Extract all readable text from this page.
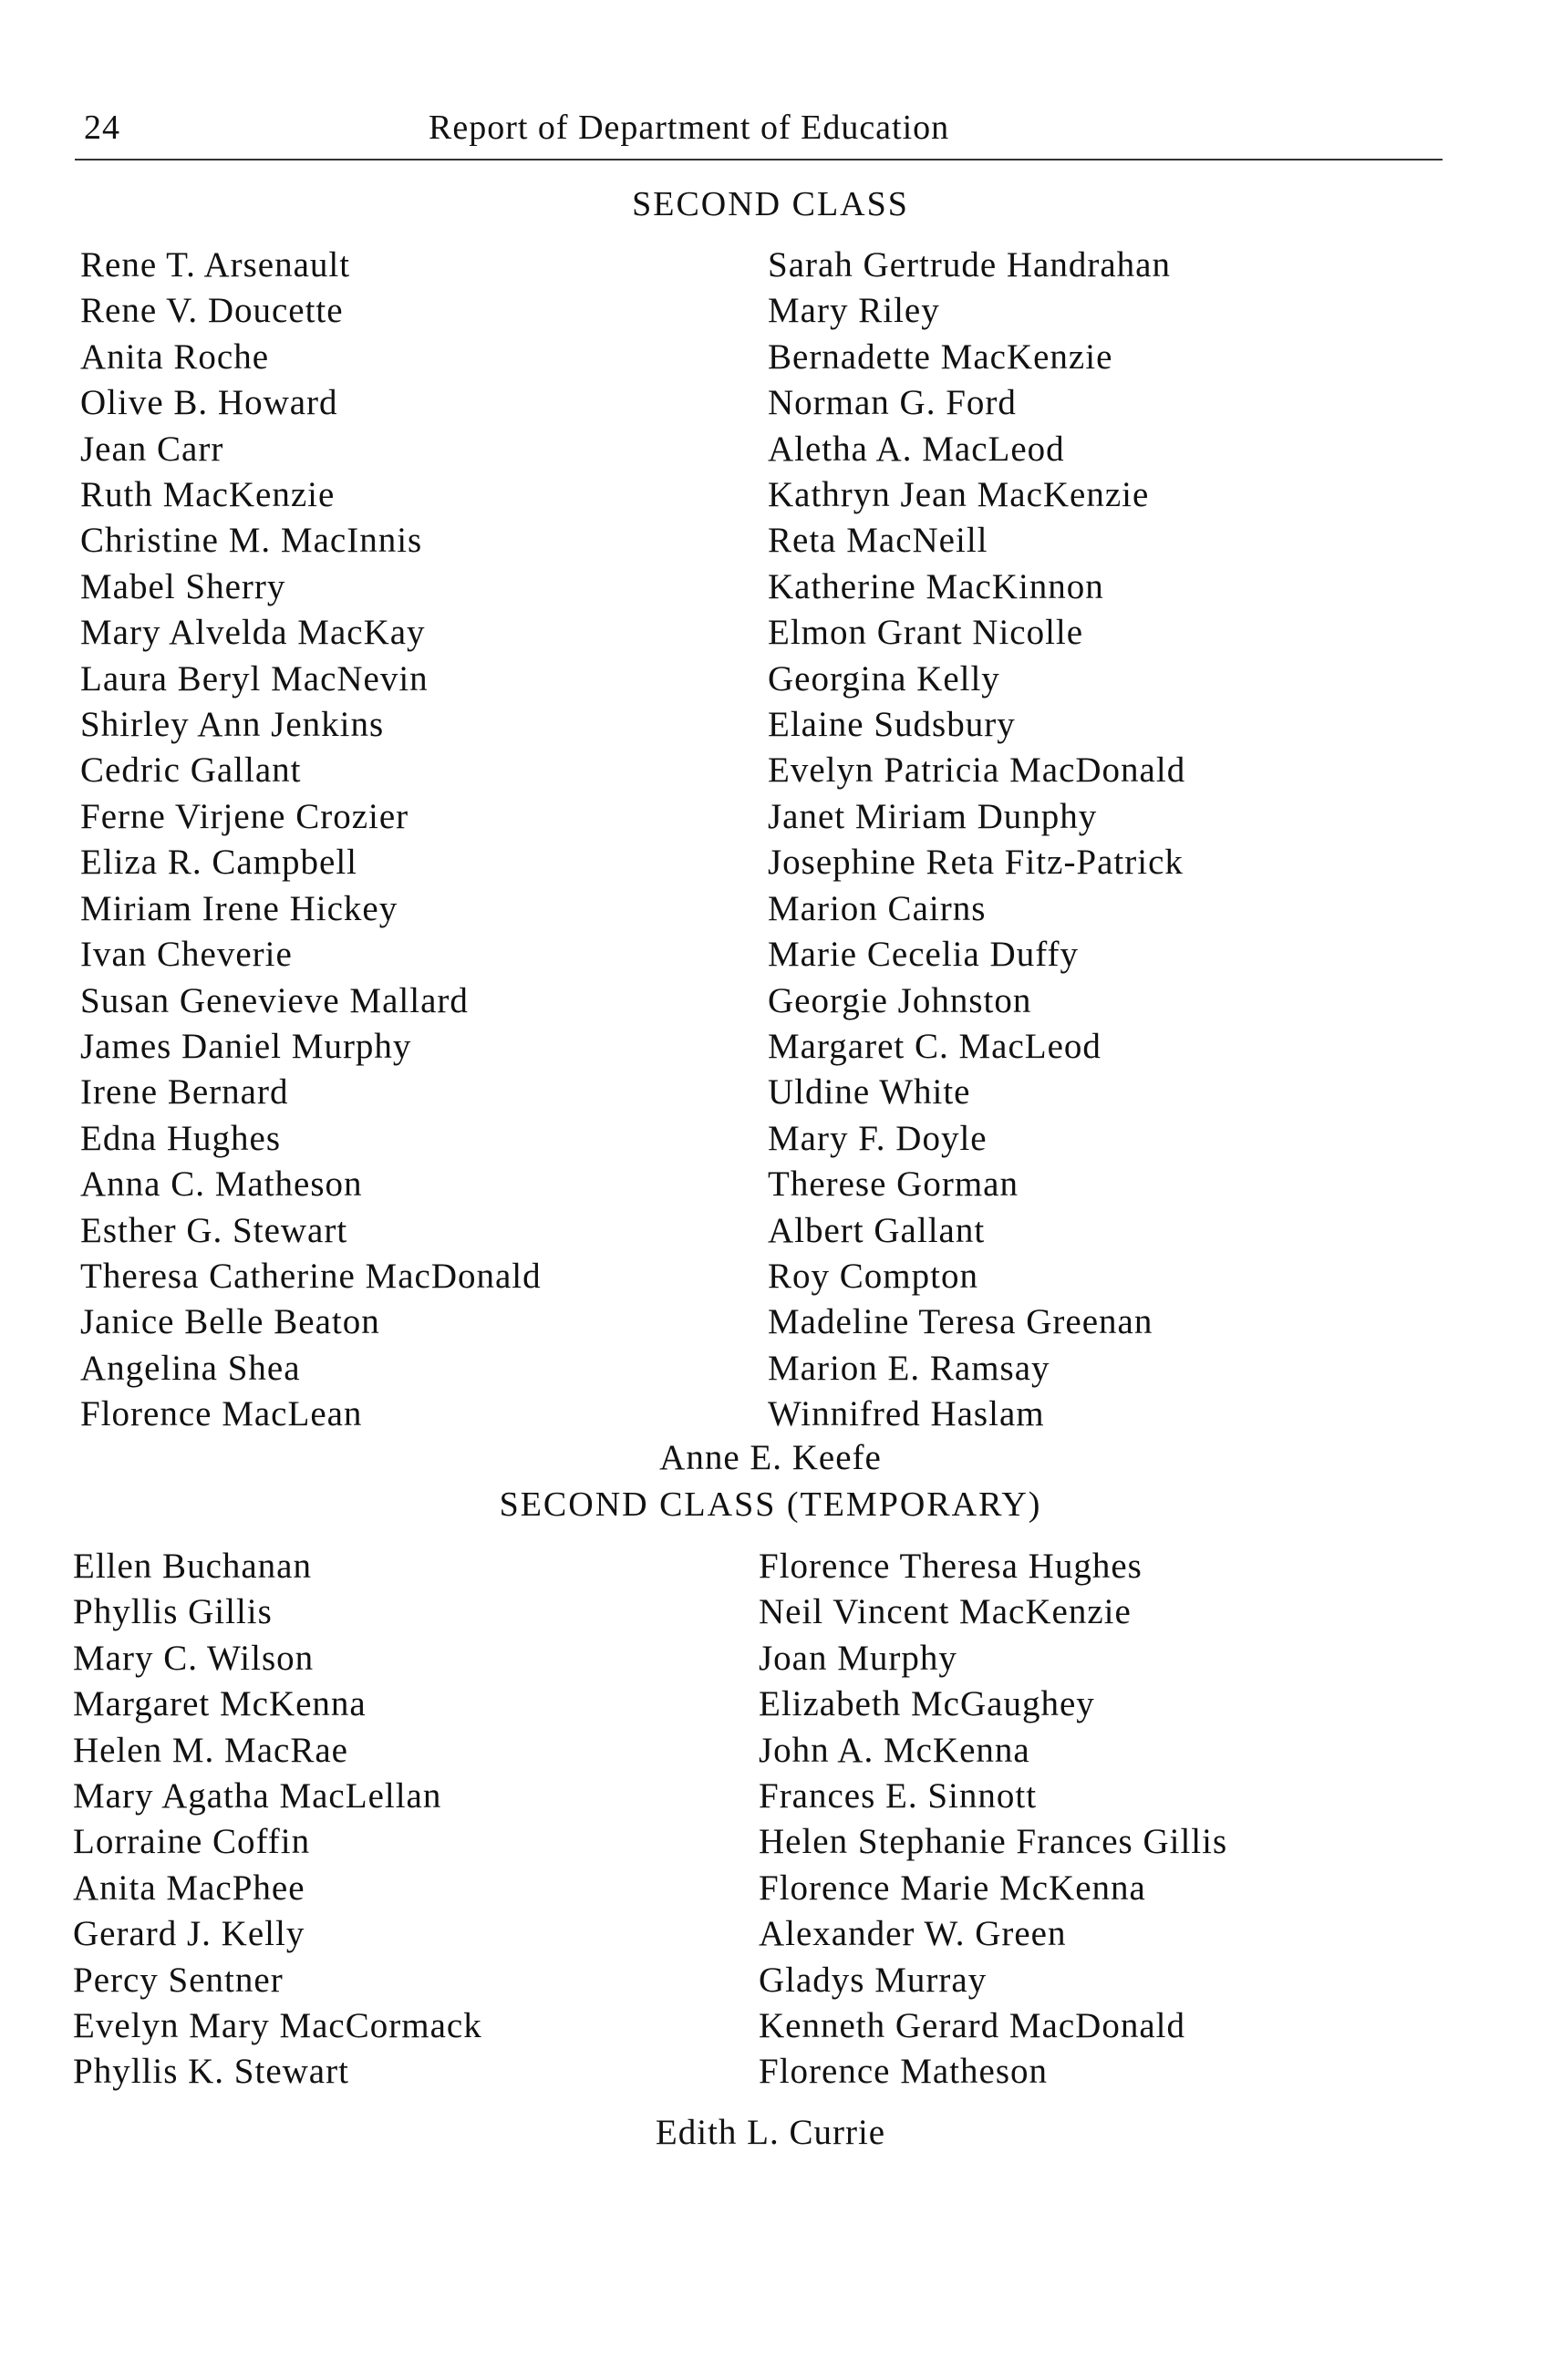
24	Report of Department of Education
SECOND CLASS
Rene T. Arsenault
Rene V. Doucette
Anita Roche
Olive B. Howard
Jean Carr
Ruth MacKenzie
Christine M. MacInnis
Mabel Sherry
Mary Alvelda MacKay
Laura Beryl MacNevin
Shirley Ann Jenkins
Cedric Gallant
Ferne Virjene Crozier
Eliza R. Campbell
Miriam Irene Hickey
Ivan Cheverie
Susan Genevieve Mallard
James Daniel Murphy
Irene Bernard
Edna Hughes
Anna C. Matheson
Esther G. Stewart
Theresa Catherine MacDonald
Janice Belle Beaton
Angelina Shea
Florence MacLean
Sarah Gertrude Handrahan
Mary Riley
Bernadette MacKenzie
Norman G. Ford
Aletha A. MacLeod
Kathryn Jean MacKenzie
Reta MacNeill
Katherine MacKinnon
Elmon Grant Nicolle
Georgina Kelly
Elaine Sudsbury
Evelyn Patricia MacDonald
Janet Miriam Dunphy
Josephine Reta Fitz-Patrick
Marion Cairns
Marie Cecelia Duffy
Georgie Johnston
Margaret C. MacLeod
Uldine White
Mary F. Doyle
Therese Gorman
Albert Gallant
Roy Compton
Madeline Teresa Greenan
Marion E. Ramsay
Winnifred Haslam
Anne E. Keefe
SECOND CLASS (TEMPORARY)
Ellen Buchanan
Phyllis Gillis
Mary C. Wilson
Margaret McKenna
Helen M. MacRae
Mary Agatha MacLellan
Lorraine Coffin
Anita MacPhee
Gerard J. Kelly
Percy Sentner
Evelyn Mary MacCormack
Phyllis K. Stewart
Florence Theresa Hughes
Neil Vincent MacKenzie
Joan Murphy
Elizabeth McGaughey
John A. McKenna
Frances E. Sinnott
Helen Stephanie Frances Gillis
Florence Marie McKenna
Alexander W. Green
Gladys Murray
Kenneth Gerard MacDonald
Florence Matheson
Edith L. Currie
